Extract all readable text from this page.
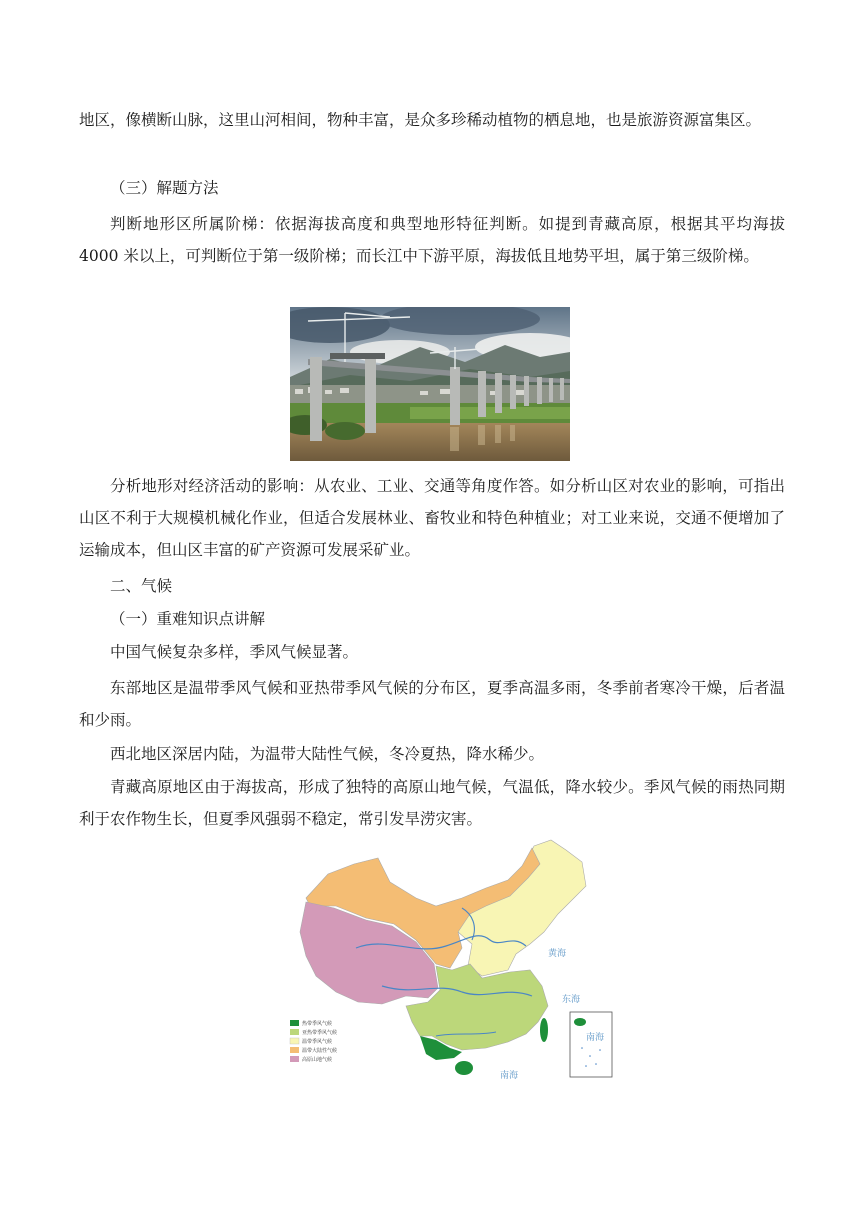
地区，像横断山脉，这里山河相间，物种丰富，是众多珍稀动植物的栖息地，也是旅游资源富集区。

（三）解题方法

判断地形区所属阶梯：依据海拔高度和典型地形特征判断。如提到青藏高原，根据其平均海拔 4000 米以上，可判断位于第一级阶梯；而长江中下游平原，海拔低且地势平坦，属于第三级阶梯。

分析地形对经济活动的影响：从农业、工业、交通等角度作答。如分析山区对农业的影响，可指出山区不利于大规模机械化作业，但适合发展林业、畜牧业和特色种植业；对工业来说，交通不便增加了运输成本，但山区丰富的矿产资源可发展采矿业。

二、气候

（一）重难知识点讲解

中国气候复杂多样，季风气候显著。

东部地区是温带季风气候和亚热带季风气候的分布区，夏季高温多雨，冬季前者寒冷干燥，后者温和少雨。

西北地区深居内陆，为温带大陆性气候，冬冷夏热，降水稀少。

青藏高原地区由于海拔高，形成了独特的高原山地气候，气温低，降水较少。季风气候的雨热同期利于农作物生长，但夏季风强弱不稳定，常引发旱涝灾害。

黄海
东海
南海
南海
热带季风气候
亚热带季风气候
温带季风气候
温带大陆性气候
高原山地气候
